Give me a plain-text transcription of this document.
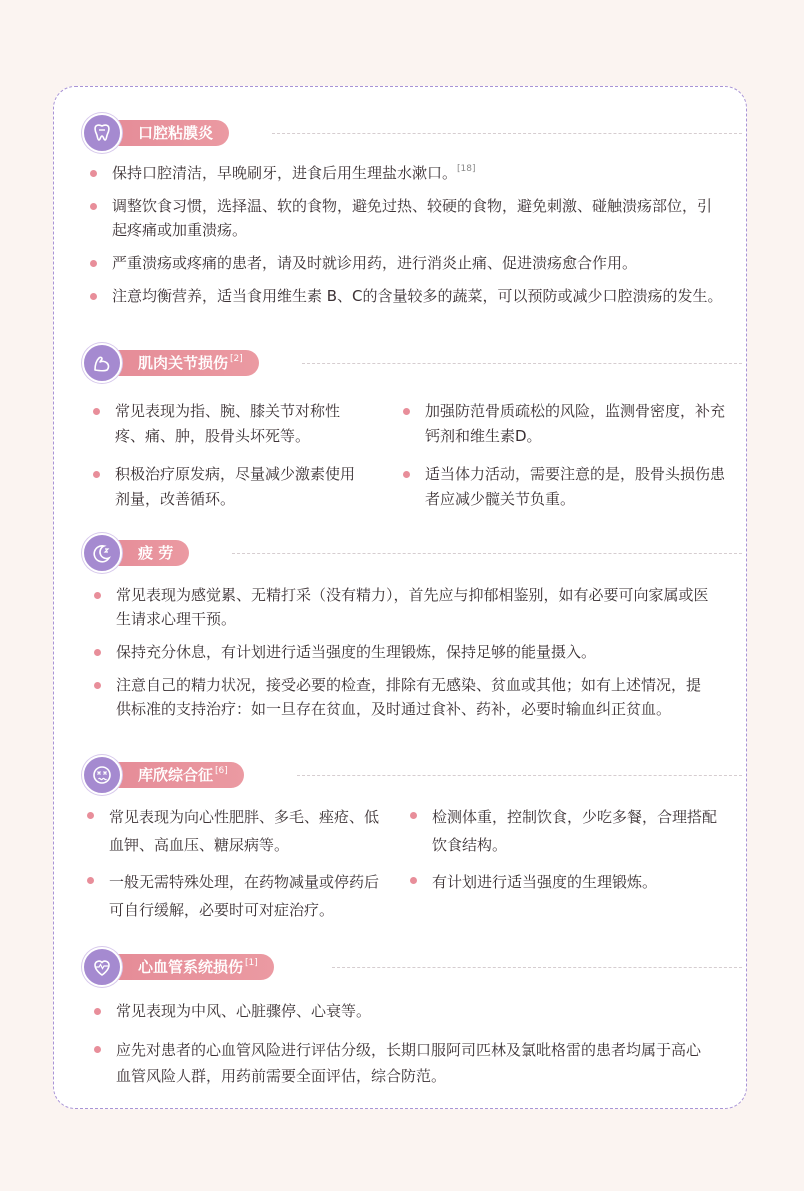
口腔粘膜炎
保持口腔清洁，早晚刷牙，进食后用生理盐水漱口。[18]
调整饮食习惯，选择温、软的食物，避免过热、较硬的食物，避免刺激、碰触溃疡部位，引起疼痛或加重溃疡。
严重溃疡或疼痛的患者，请及时就诊用药，进行消炎止痛、促进溃疡愈合作用。
注意均衡营养，适当食用维生素 B、C的含量较多的蔬菜，可以预防或减少口腔溃疡的发生。
肌肉关节损伤 [2]
常见表现为指、腕、膝关节对称性疼、痛、肿，股骨头坏死等。
积极治疗原发病，尽量减少激素使用剂量，改善循环。
加强防范骨质疏松的风险，监测骨密度，补充钙剂和维生素D。
适当体力活动，需要注意的是，股骨头损伤患者应减少髋关节负重。
疲 劳
常见表现为感觉累、无精打采（没有精力），首先应与抑郁相鉴别，如有必要可向家属或医生请求心理干预。
保持充分休息，有计划进行适当强度的生理锻炼，保持足够的能量摄入。
注意自己的精力状况，接受必要的检查，排除有无感染、贫血或其他；如有上述情况，提供标准的支持治疗：如一旦存在贫血，及时通过食补、药补，必要时输血纠正贫血。
库欣综合征 [6]
常见表现为向心性肥胖、多毛、痤疮、低血钾、高血压、糖尿病等。
一般无需特殊处理，在药物减量或停药后可自行缓解，必要时可对症治疗。
检测体重，控制饮食，少吃多餐，合理搭配饮食结构。
有计划进行适当强度的生理锻炼。
心血管系统损伤 [1]
常见表现为中风、心脏骤停、心衰等。
应先对患者的心血管风险进行评估分级，长期口服阿司匹林及氯吡格雷的患者均属于高心血管风险人群，用药前需要全面评估，综合防范。
